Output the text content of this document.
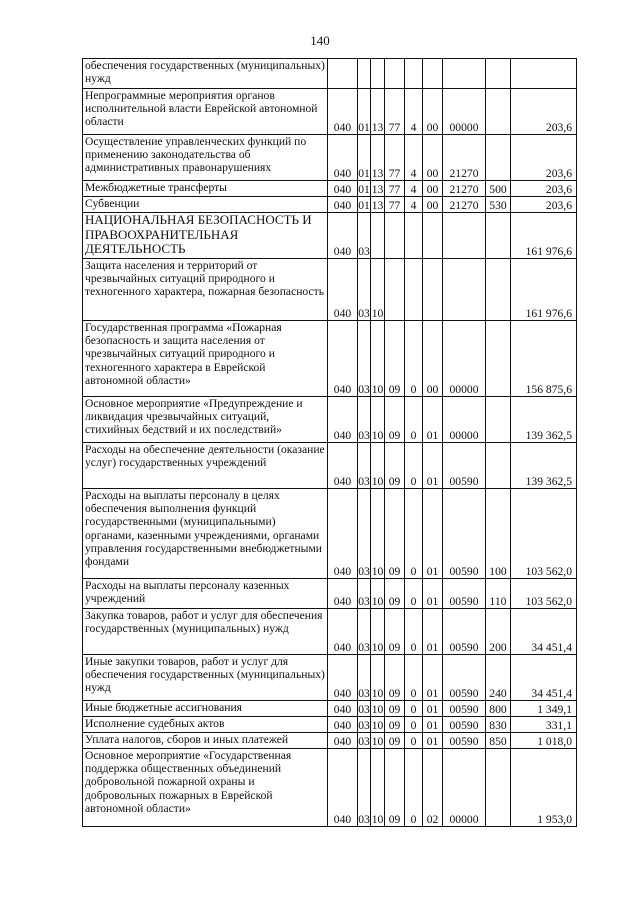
140
обеспечения государственных (муниципальных) нужд									
Непрограммные мероприятия органов исполнительной власти Еврейской автономной области	040	01	13	77	4	00	00000		203,6
Осуществление управленческих функций по применению законодательства об административных правонарушениях	040	01	13	77	4	00	21270		203,6
Межбюджетные трансферты	040	01	13	77	4	00	21270	500	203,6
Субвенции	040	01	13	77	4	00	21270	530	203,6
НАЦИОНАЛЬНАЯ БЕЗОПАСНОСТЬ И ПРАВООХРАНИТЕЛЬНАЯ ДЕЯТЕЛЬНОСТЬ	040	03							161 976,6
Защита населения и территорий от чрезвычайных ситуаций природного и техногенного характера, пожарная безопасность	040	03	10						161 976,6
Государственная программа «Пожарная безопасность и защита населения от чрезвычайных ситуаций природного и техногенного характера в Еврейской автономной области»	040	03	10	09	0	00	00000		156 875,6
Основное мероприятие «Предупреждение и ликвидация чрезвычайных ситуаций, стихийных бедствий и их последствий»	040	03	10	09	0	01	00000		139 362,5
Расходы на обеспечение деятельности (оказание услуг) государственных учреждений	040	03	10	09	0	01	00590		139 362,5
Расходы на выплаты персоналу в целях обеспечения выполнения функций государственными (муниципальными) органами, казенными учреждениями, органами управления государственными внебюджетными фондами	040	03	10	09	0	01	00590	100	103 562,0
Расходы на выплаты персоналу казенных учреждений	040	03	10	09	0	01	00590	110	103 562,0
Закупка товаров, работ и услуг для обеспечения государственных (муниципальных) нужд	040	03	10	09	0	01	00590	200	34 451,4
Иные закупки товаров, работ и услуг для обеспечения государственных (муниципальных) нужд	040	03	10	09	0	01	00590	240	34 451,4
Иные бюджетные ассигнования	040	03	10	09	0	01	00590	800	1 349,1
Исполнение судебных актов	040	03	10	09	0	01	00590	830	331,1
Уплата налогов, сборов и иных платежей	040	03	10	09	0	01	00590	850	1 018,0
Основное мероприятие «Государственная поддержка общественных объединений добровольной пожарной охраны и добровольных пожарных в Еврейской автономной области»	040	03	10	09	0	02	00000		1 953,0
